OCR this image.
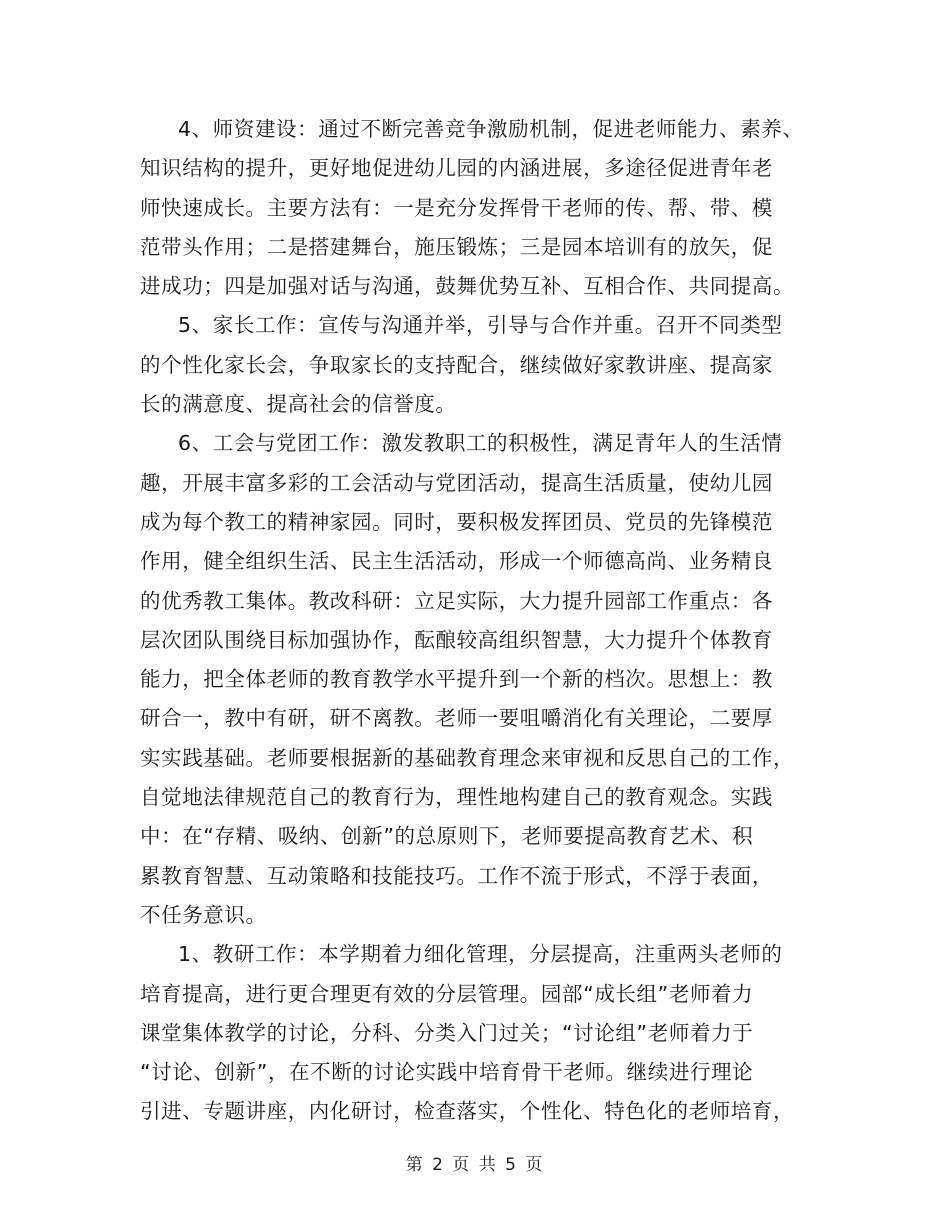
4、师资建设：通过不断完善竞争激励机制，促进老师能力、素养、
知识结构的提升，更好地促进幼儿园的内涵进展，多途径促进青年老
师快速成长。主要方法有：一是充分发挥骨干老师的传、帮、带、模
范带头作用；二是搭建舞台，施压锻炼；三是园本培训有的放矢，促
进成功；四是加强对话与沟通，鼓舞优势互补、互相合作、共同提高。
5、家长工作：宣传与沟通并举，引导与合作并重。召开不同类型
的个性化家长会，争取家长的支持配合，继续做好家教讲座、提高家
长的满意度、提高社会的信誉度。
6、工会与党团工作：激发教职工的积极性，满足青年人的生活情
趣，开展丰富多彩的工会活动与党团活动，提高生活质量，使幼儿园
成为每个教工的精神家园。同时，要积极发挥团员、党员的先锋模范
作用，健全组织生活、民主生活活动，形成一个师德高尚、业务精良
的优秀教工集体。教改科研：立足实际，大力提升园部工作重点：各
层次团队围绕目标加强协作，酝酿较高组织智慧，大力提升个体教育
能力，把全体老师的教育教学水平提升到一个新的档次。思想上：教
研合一，教中有研，研不离教。老师一要咀嚼消化有关理论，二要厚
实实践基础。老师要根据新的基础教育理念来审视和反思自己的工作，
自觉地法律规范自己的教育行为，理性地构建自己的教育观念。实践
中：在“存精、吸纳、创新”的总原则下，老师要提高教育艺术、积
累教育智慧、互动策略和技能技巧。工作不流于形式，不浮于表面，
不任务意识。
1、教研工作：本学期着力细化管理，分层提高，注重两头老师的
培育提高，进行更合理更有效的分层管理。园部“成长组”老师着力
课堂集体教学的讨论，分科、分类入门过关；“讨论组”老师着力于
“讨论、创新”，在不断的讨论实践中培育骨干老师。继续进行理论
引进、专题讲座，内化研讨，检查落实，个性化、特色化的老师培育，
第 2 页 共 5 页
